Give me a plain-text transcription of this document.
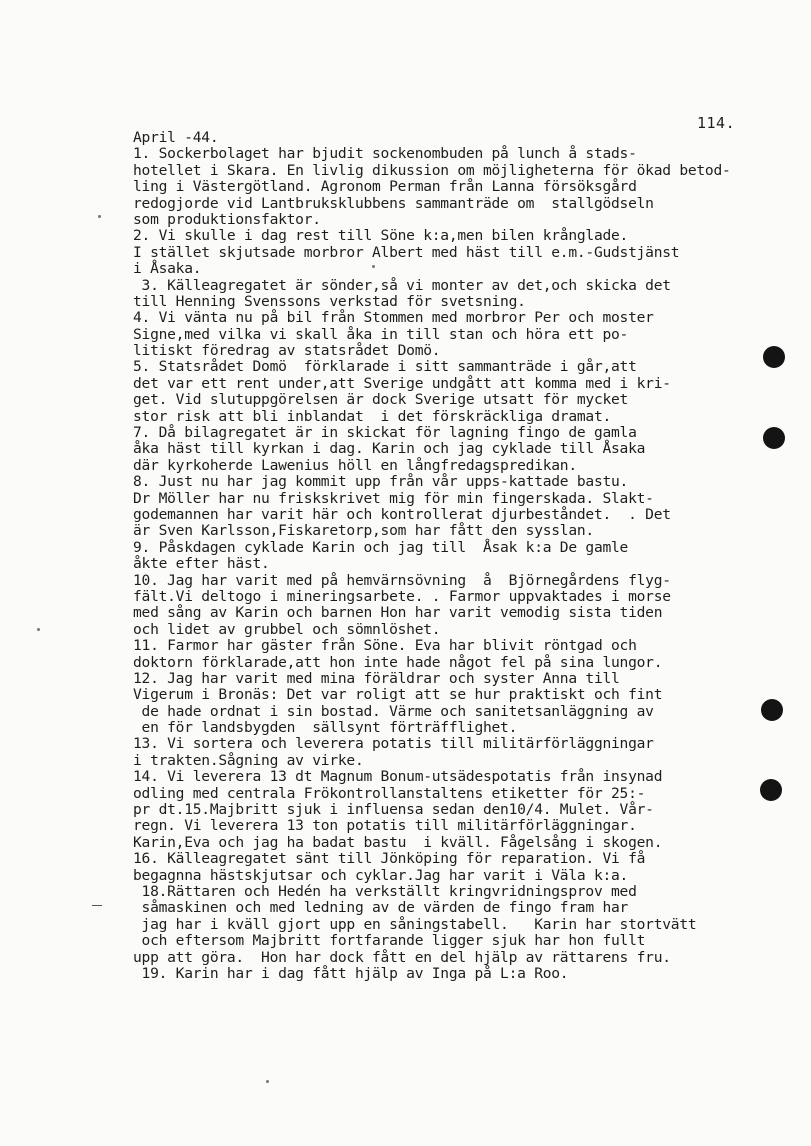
114.
April -44.
1. Sockerbolaget har bjudit sockenombuden på lunch å stads-
hotellet i Skara. En livlig dikussion om möjligheterna för ökad betod-
ling i Västergötland. Agronom Perman från Lanna försöksgård
redogjorde vid Lantbruksklubbens sammanträde om  stallgödseln
som produktionsfaktor.
2. Vi skulle i dag rest till Söne k:a,men bilen krånglade.
I stället skjutsade morbror Albert med häst till e.m.-Gudstjänst
i Åsaka.
3. Källeagregatet är sönder,så vi monter av det,och skicka det
till Henning Svenssons verkstad för svetsning.
4. Vi vänta nu på bil från Stommen med morbror Per och moster
Signe,med vilka vi skall åka in till stan och höra ett po-
litiskt föredrag av statsrådet Domö.
5. Statsrådet Domö  förklarade i sitt sammanträde i går,att
det var ett rent under,att Sverige undgått att komma med i kri-
get. Vid slutuppgörelsen är dock Sverige utsatt för mycket
stor risk att bli inblandat  i det förskräckliga dramat.
7. Då bilagregatet är in skickat för lagning fingo de gamla
åka häst till kyrkan i dag. Karin och jag cyklade till Åsaka
där kyrkoherde Lawenius höll en långfredagspredikan.
8. Just nu har jag kommit upp från vår upps-kattade bastu.
Dr Möller har nu friskskrivet mig för min fingerskada. Slakt-
godemannen har varit här och kontrollerat djurbeståndet.  . Det
är Sven Karlsson,Fiskaretorp,som har fått den sysslan.
9. Påskdagen cyklade Karin och jag till  Åsak k:a De gamle
åkte efter häst.
10. Jag har varit med på hemvärnsövning  å  Björnegårdens flyg-
fält.Vi deltogo i mineringsarbete. . Farmor uppvaktades i morse
med sång av Karin och barnen Hon har varit vemodig sista tiden
och lidet av grubbel och sömnlöshet.
11. Farmor har gäster från Söne. Eva har blivit röntgad och
doktorn förklarade,att hon inte hade något fel på sina lungor.
12. Jag har varit med mina föräldrar och syster Anna till
Vigerum i Bronäs: Det var roligt att se hur praktiskt och fint
de hade ordnat i sin bostad. Värme och sanitetsanläggning av
en för landsbygden  sällsynt förträfflighet.
13. Vi sortera och leverera potatis till militärförläggningar
i trakten.Sågning av virke.
14. Vi leverera 13 dt Magnum Bonum-utsädespotatis från insynad
odling med centrala Frökontrollanstaltens etiketter för 25:-
pr dt.15.Majbritt sjuk i influensa sedan den10/4. Mulet. Vår-
regn. Vi leverera 13 ton potatis till militärförläggningar.
Karin,Eva och jag ha badat bastu  i kväll. Fågelsång i skogen.
16. Källeagregatet sänt till Jönköping för reparation. Vi få
begagnna hästskjutsar och cyklar.Jag har varit i Väla k:a.
18.Rättaren och Hedén ha verkställt kringvridningsprov med
såmaskinen och med ledning av de värden de fingo fram har
jag har i kväll gjort upp en såningstabell.   Karin har stortvätt
och eftersom Majbritt fortfarande ligger sjuk har hon fullt
upp att göra.  Hon har dock fått en del hjälp av rättarens fru.
19. Karin har i dag fått hjälp av Inga på L:a Roo.
